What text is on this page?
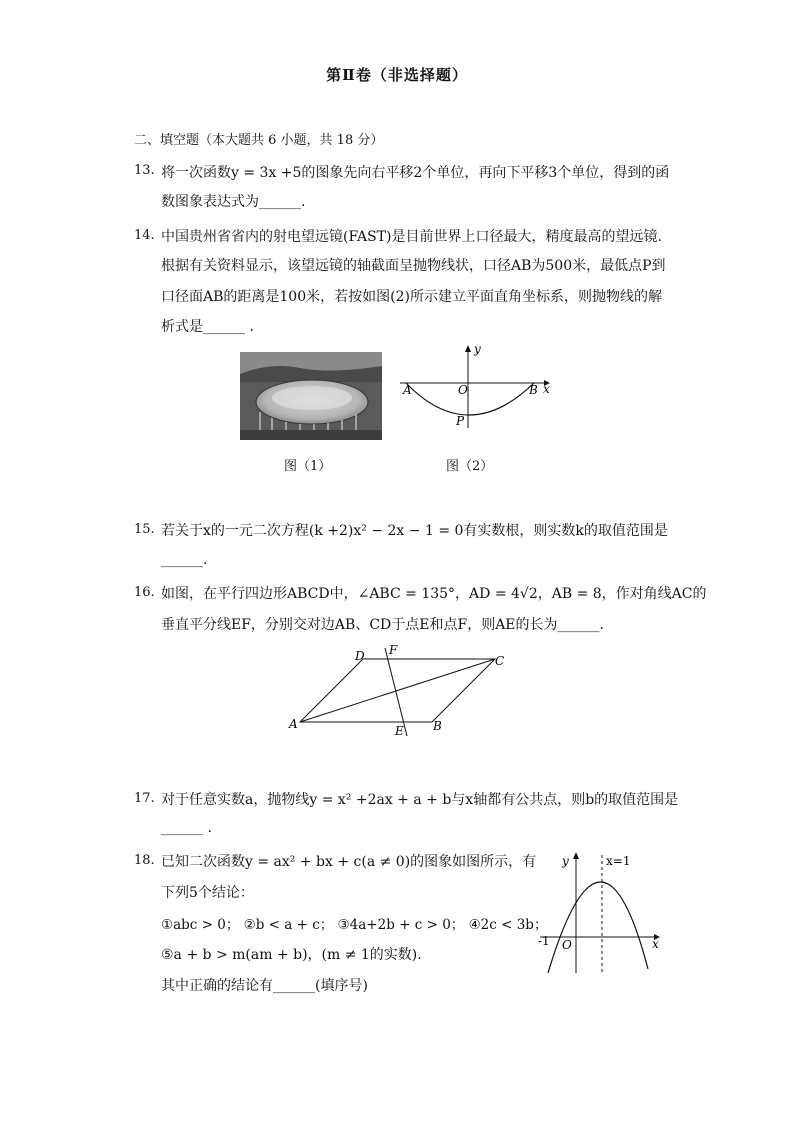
第Ⅱ卷（非选择题）
二、填空题（本大题共 6 小题，共 18 分）
13. 将一次函数y = 3x +5的图象先向右平移2个单位，再向下平移3个单位，得到的函
数图象表达式为______.
14. 中国贵州省省内的射电望远镜(FAST)是目前世界上口径最大，精度最高的望远镜.
根据有关资料显示，该望远镜的轴截面呈抛物线状，口径AB为500米，最低点P到
口径面AB的距离是100米，若按如图(2)所示建立平面直角坐标系，则抛物线的解
析式是______ .
图（1）
y
x
A	O	B
P
图（2）
15. 若关于x的一元二次方程(k +2)x² − 2x − 1 = 0有实数根，则实数k的取值范围是
______.
16. 如图，在平行四边形ABCD中，∠ABC = 135°，AD = 4√2，AB = 8，作对角线AC的
垂直平分线EF，分别交对边AB、CD于点E和点F，则AE的长为______.
A	B
C
D
E
F
17. 对于任意实数a，抛物线y = x² +2ax + a + b与x轴都有公共点，则b的取值范围是
______ .
18. 已知二次函数y = ax² + bx + c(a ≠ 0)的图象如图所示，有
下列5个结论：
①abc > 0； ②b < a + c； ③4a+2b + c > 0； ④2c < 3b；
⑤a + b > m(am + b)，(m ≠ 1的实数).
其中正确的结论有______(填序号)
y	x=1
-1 O	x
